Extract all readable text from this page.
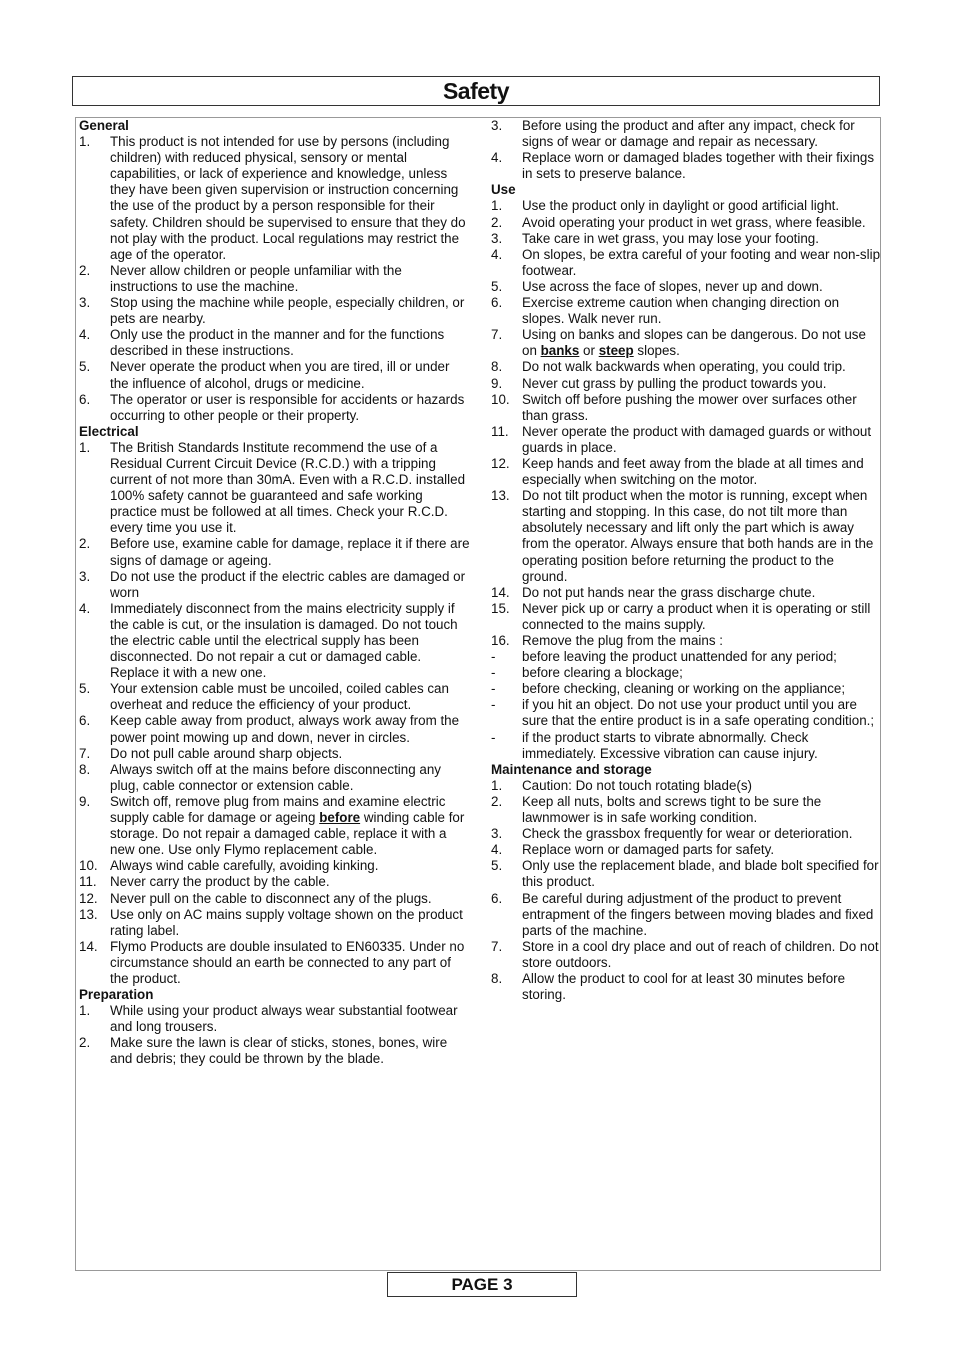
Safety
General
1.	This product is not intended for use by persons (including children) with reduced physical, sensory or mental capabilities, or lack of experience and knowledge, unless they have been given supervision or instruction concerning the use of the product by a person responsible for their safety. Children should be supervised to ensure that they do not play with the product. Local regulations may restrict the age of the operator.
2.	Never allow children or people unfamiliar with the instructions to use the machine.
3.	Stop using the machine while people, especially children, or pets are nearby.
4.	Only use the product in the manner and for the functions described in these instructions.
5.	Never operate the product when you are tired, ill or under the influence of alcohol, drugs or medicine.
6.	The operator or user is responsible for accidents or hazards occurring to other people or their property.
Electrical
1.	The British Standards Institute recommend the use of a Residual Current Circuit Device (R.C.D.) with a tripping current of not more than 30mA. Even with a R.C.D. installed 100% safety cannot be guaranteed and safe working practice must be followed at all times. Check your R.C.D. every time you use it.
2.	Before use, examine cable for damage, replace it if there are signs of damage or ageing.
3.	Do not use the product if the electric cables are damaged or worn
4.	Immediately disconnect from the mains electricity supply if the cable is cut, or the insulation is damaged. Do not touch the electric cable until the electrical supply has been disconnected. Do not repair a cut or damaged cable. Replace it with a new one.
5.	Your extension cable must be uncoiled, coiled cables can overheat and reduce the efficiency of your product.
6.	Keep cable away from product, always work away from the power point mowing up and down, never in circles.
7.	Do not pull cable around sharp objects.
8.	Always switch off at the mains before disconnecting any plug, cable connector or extension cable.
9.	Switch off, remove plug from mains and examine electric supply cable for damage or ageing before winding cable for storage. Do not repair a damaged cable, replace it with a new one. Use only Flymo replacement cable.
10. Always wind cable carefully, avoiding kinking.
11. Never carry the product by the cable.
12. Never pull on the cable to disconnect any of the plugs.
13. Use only on AC mains supply voltage shown on the product rating label.
14. Flymo Products are double insulated to EN60335. Under no circumstance should an earth be connected to any part of the product.
Preparation
1.	While using your product always wear substantial footwear and long trousers.
2.	Make sure the lawn is clear of sticks, stones, bones, wire and debris; they could be thrown by the blade.
3.	Before using the product and after any impact, check for signs of wear or damage and repair as necessary.
4.	Replace worn or damaged blades together with their fixings in sets to preserve balance.
Use
1.	Use the product only in daylight or good artificial light.
2.	Avoid operating your product in wet grass, where feasible.
3.	Take care in wet grass, you may lose your footing.
4.	On slopes, be extra careful of your footing and wear non-slip footwear.
5.	Use across the face of slopes, never up and down.
6.	Exercise extreme caution when changing direction on slopes. Walk never run.
7.	Using on banks and slopes can be dangerous. Do not use on banks or steep slopes.
8.	Do not walk backwards when operating, you could trip.
9.	Never cut grass by pulling the product towards you.
10. Switch off before pushing the mower over surfaces other than grass.
11. Never operate the product with damaged guards or without guards in place.
12. Keep hands and feet away from the blade at all times and especially when switching on the motor.
13. Do not tilt product when the motor is running, except when starting and stopping. In this case, do not tilt more than absolutely necessary and lift only the part which is away from the operator. Always ensure that both hands are in the operating position before returning the product to the ground.
14. Do not put hands near the grass discharge chute.
15. Never pick up or carry a product when it is operating or still connected to the mains supply.
16. Remove the plug from the mains :
-	before leaving the product unattended for any period;
-	before clearing a blockage;
-	before checking, cleaning or working on the appliance;
-	if you hit an object. Do not use your product until you are sure that the entire product is in a safe operating condition.;
-	if the product starts to vibrate abnormally. Check immediately. Excessive vibration can cause injury.
Maintenance and storage
1.	Caution: Do not touch rotating blade(s)
2.	Keep all nuts, bolts and screws tight to be sure the lawnmower is in safe working condition.
3.	Check the grassbox frequently for wear or deterioration.
4.	Replace worn or damaged parts for safety.
5.	Only use the replacement blade, and blade bolt specified for this product.
6.	Be careful during adjustment of the product to prevent entrapment of the fingers between moving blades and fixed parts of the machine.
7.	Store in a cool dry place and out of reach of children. Do not store outdoors.
8.	Allow the product to cool for at least 30 minutes before storing.
PAGE 3
